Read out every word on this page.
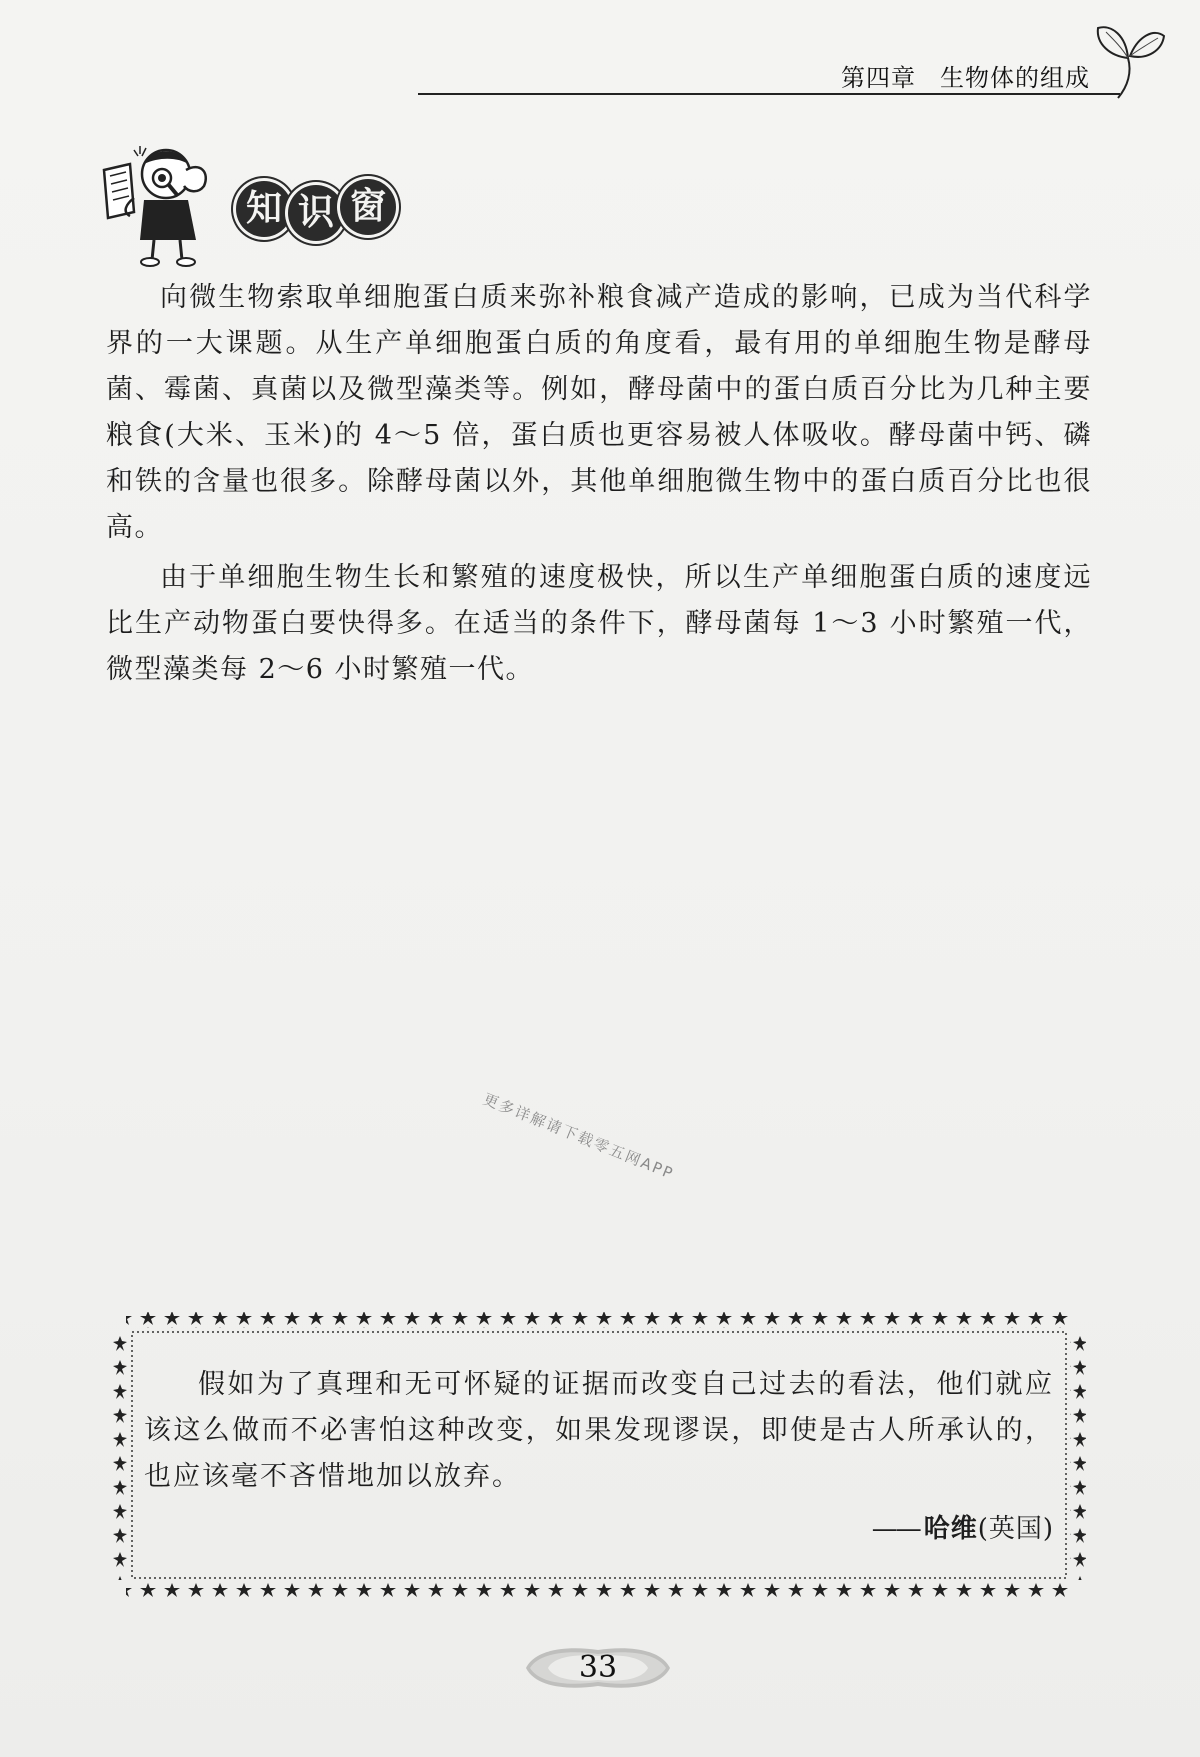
第四章 生物体的组成
知 识 窗

向微生物索取单细胞蛋白质来弥补粮食减产造成的影响，已成为当代科学界的一大课题。从生产单细胞蛋白质的角度看，最有用的单细胞生物是酵母菌、霉菌、真菌以及微型藻类等。例如，酵母菌中的蛋白质百分比为几种主要粮食(大米、玉米)的 4～5 倍，蛋白质也更容易被人体吸收。酵母菌中钙、磷和铁的含量也很多。除酵母菌以外，其他单细胞微生物中的蛋白质百分比也很高。

由于单细胞生物生长和繁殖的速度极快，所以生产单细胞蛋白质的速度远比生产动物蛋白要快得多。在适当的条件下，酵母菌每 1～3 小时繁殖一代，微型藻类每 2～6 小时繁殖一代。

更多详解请下载零五网APP

假如为了真理和无可怀疑的证据而改变自己过去的看法，他们就应该这么做而不必害怕这种改变，如果发现谬误，即使是古人所承认的，也应该毫不吝惜地加以放弃。

—— 哈维(英国)
33
